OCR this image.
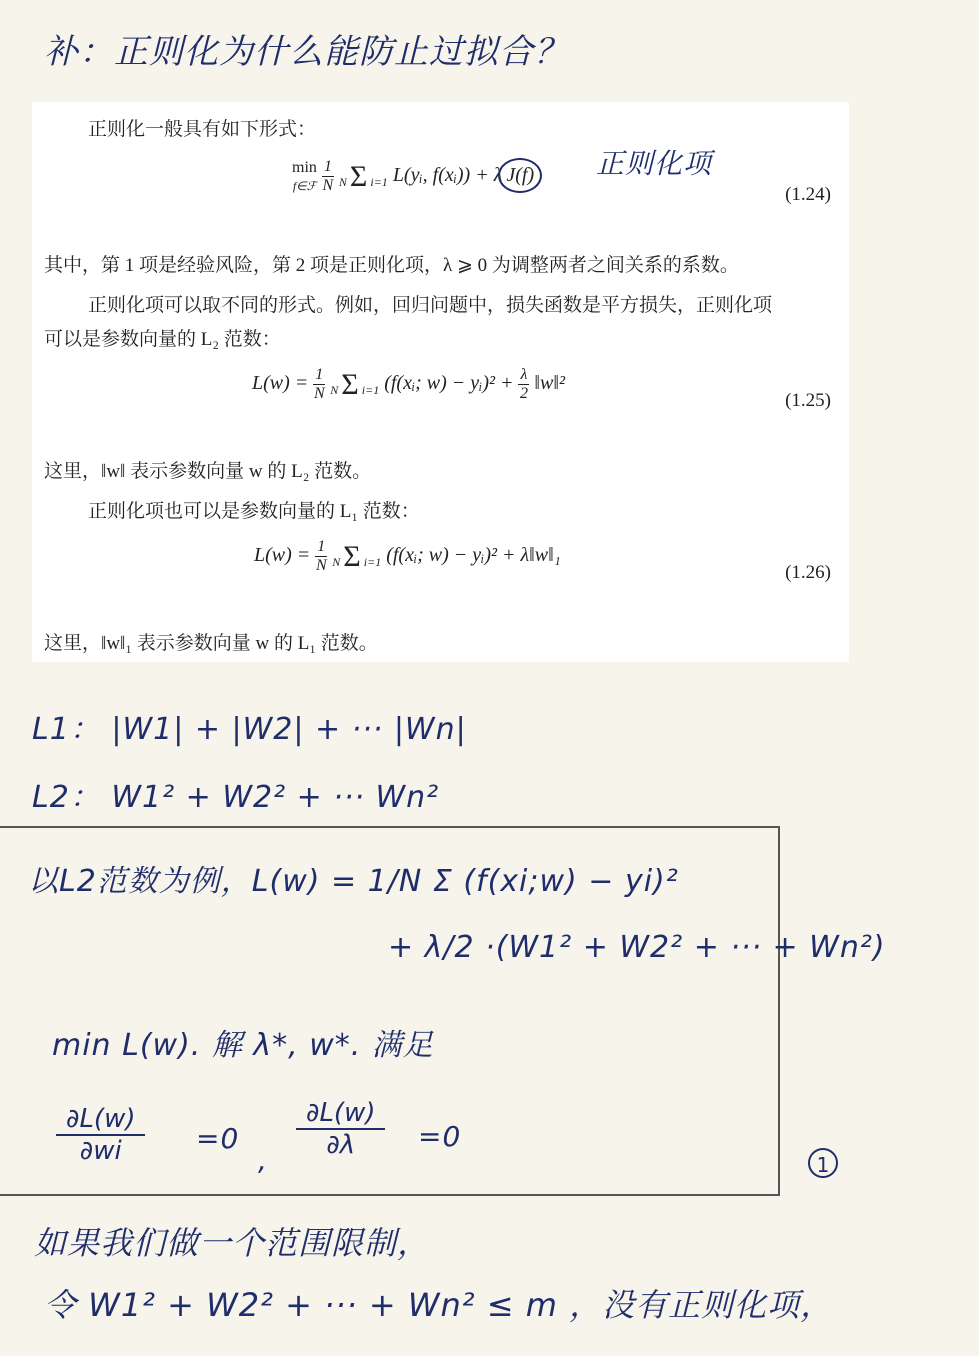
补：正则化为什么能防止过拟合？
正则化一般具有如下形式：
min
f∈ℱ
$\frac{1}{N}$ N Σ i=1 L(yᵢ, f(xᵢ)) + λ J(f)
(1.24)
其中，第 1 项是经验风险，第 2 项是正则化项，λ ⩾ 0 为调整两者之间关系的系数。
正则化项可以取不同的形式。例如，回归问题中，损失函数是平方损失，正则化项
可以是参数向量的 L₂ 范数：
$L(w) = \frac{1}{N}$ N Σ i=1 (f(xᵢ; w) − yᵢ)² + $\frac{\lambda}{2}$ ‖w‖²
(1.25)
这里，‖w‖ 表示参数向量 w 的 L₂ 范数。
正则化项也可以是参数向量的 L₁ 范数：
$L(w) = \frac{1}{N}$ N Σ i=1 (f(xᵢ; w) − yᵢ)² + λ‖w‖₁
(1.26)
这里，‖w‖₁ 表示参数向量 w 的 L₁ 范数。
正则化项
L1： |W1| + |W2| + ··· |Wn|
L2： W1² + W2² + ··· Wn²
以L2范数为例，L(w) = 1/N Σ (f(xi;w) − yi)²
+ λ/2 ·(W1² + W2² + ··· + Wn²)
min L(w). 解 λ*, w*. 满足
$\frac{\partial L(w)}{\partial wi} =0$
,
$\frac{\partial L(w)}{\partial\lambda} =0$
1
如果我们做一个范围限制，
令 W1² + W2² + ··· + Wn² ≤ m ，没有正则化项，
